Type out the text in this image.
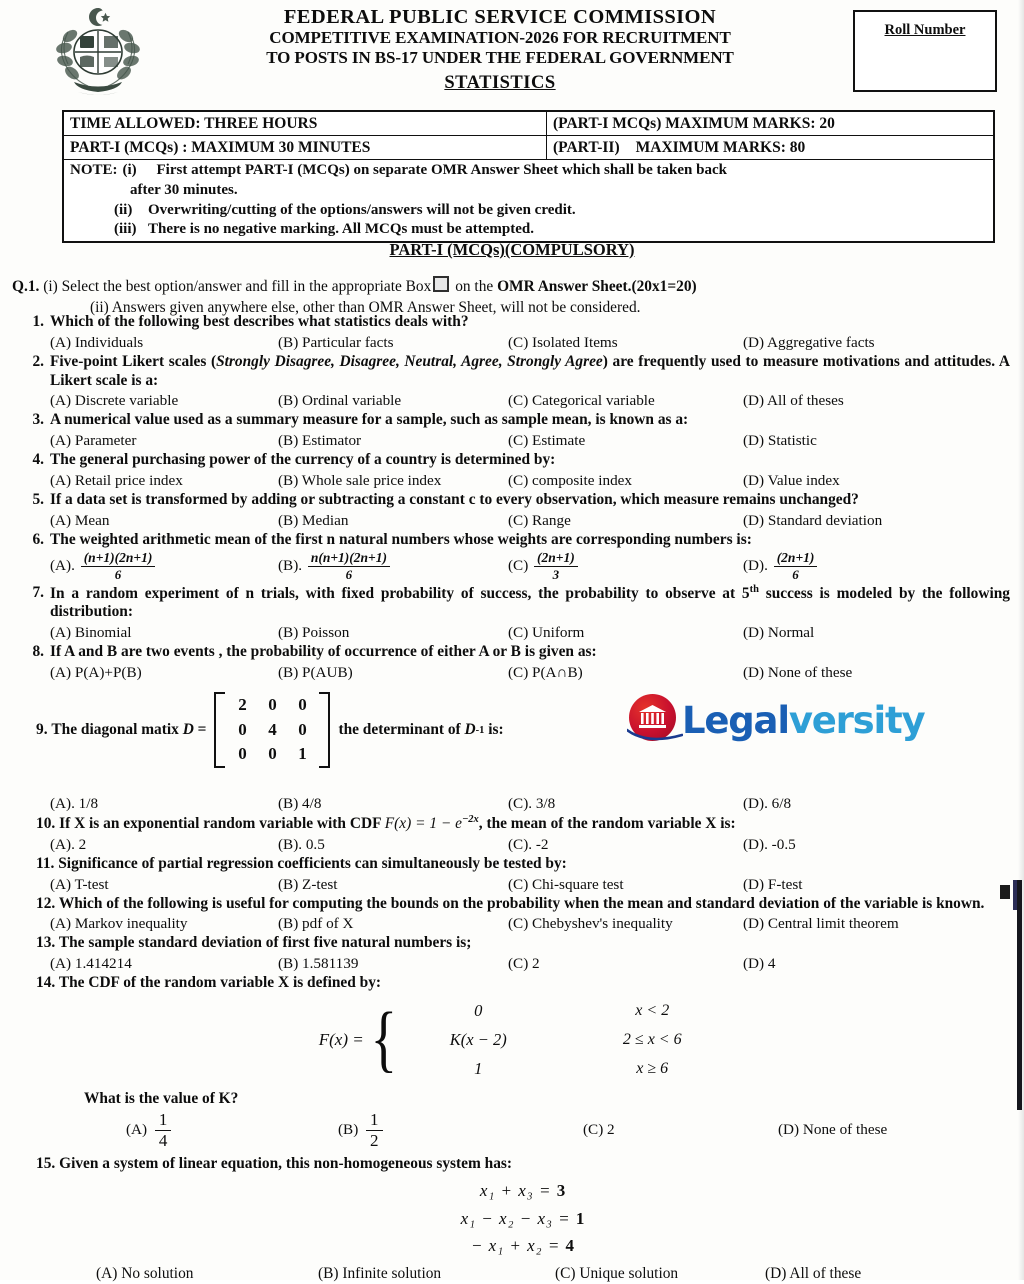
FEDERAL PUBLIC SERVICE COMMISSION
COMPETITIVE EXAMINATION-2026 FOR RECRUITMENT
TO POSTS IN BS-17 UNDER THE FEDERAL GOVERNMENT
STATISTICS
Roll Number
TIME ALLOWED: THREE HOURS	(PART-I MCQs) MAXIMUM MARKS: 20
PART-I (MCQs) : MAXIMUM 30 MINUTES	(PART-II) MAXIMUM MARKS: 80

NOTE: (i)	First attempt PART-I (MCQs) on separate OMR Answer Sheet which shall be taken back
after 30 minutes.
(ii)	Overwriting/cutting of the options/answers will not be given credit.
(iii) There is no negative marking. All MCQs must be attempted.
PART-I (MCQs)(COMPULSORY)
Q.1. (i) Select the best option/answer and fill in the appropriate Box on the OMR Answer Sheet.(20x1=20)
(ii) Answers given anywhere else, other than OMR Answer Sheet, will not be considered.
1. Which of the following best describes what statistics deals with?
(A) Individuals	(B) Particular facts	(C) Isolated Items	(D) Aggregative facts
2. Five-point Likert scales (Strongly Disagree, Disagree, Neutral, Agree, Strongly Agree) are frequently used to measure motivations and attitudes. A Likert scale is a:
(A) Discrete variable	(B) Ordinal variable	(C) Categorical variable	(D) All of theses
3. A numerical value used as a summary measure for a sample, such as sample mean, is known as a:
(A) Parameter	(B) Estimator	(C) Estimate	(D) Statistic
4. The general purchasing power of the currency of a country is determined by:
(A) Retail price index	(B) Whole sale price index	(C) composite index	(D) Value index
5. If a data set is transformed by adding or subtracting a constant c to every observation, which measure remains unchanged?
(A) Mean	(B) Median	(C) Range	(D) Standard deviation
6. The weighted arithmetic mean of the first n natural numbers whose weights are corresponding numbers is:
(A). $\frac{(n+1)(2n+1)}{6}$	(B). $\frac{n(n+1)(2n+1)}{6}$	$(C) \frac{(2n+1)}{3}$	(D). $\frac{(2n+1)}{6}$
7. In a random experiment of n trials, with fixed probability of success, the probability to observe at 5th success is modeled by the following distribution:
(A) Binomial	(B) Poisson	(C) Uniform	(D) Normal
8. If A and B are two events , the probability of occurrence of either A or B is given as:
(A) P(A)+P(B)	(B) P(AUB)	(C) P(A∩B)	(D) None of these
9.
The diagonal matix
D =
2	0	0
0	4	0
0	0	1
the determinant of
D -1
is:
(A). 1/8	(B) 4/8	(C). 3/8	(D). 6/8
10. If X is an exponential random variable with CDF $F(x) = 1 - e^{-2x}$, the mean of the random variable X is:
(A). 2	(B). 0.5	(C). -2	(D). -0.5
11. Significance of partial regression coefficients can simultaneously be tested by:
(A) T-test	(B) Z-test	(C) Chi-square test	(D) F-test
12. Which of the following is useful for computing the bounds on the probability when the mean and standard deviation of the variable is known.
(A) Markov inequality	(B) pdf of X	(C) Chebyshev's inequality	(D) Central limit theorem
13. The sample standard deviation of first five natural numbers is;
(A) 1.414214	(B) 1.581139	(C) 2	(D) 4
14. The CDF of the random variable X is defined by:
F(x) = {	0	x < 2
K(x − 2)	2 ≤ x < 6
1	x ≥ 6
What is the value of K?
$(A) \frac{1}{4}$	$(B) \frac{1}{2}$	(C) 2	(D) None of these
15. Given a system of linear equation, this non-homogeneous system has:
x₁ + x₃ = 3
x₁ − x₂ − x₃ = 1
− x₁ + x₂ = 4
(A) No solution	(B) Infinite solution	(C) Unique solution	(D) All of these
Legalversity
